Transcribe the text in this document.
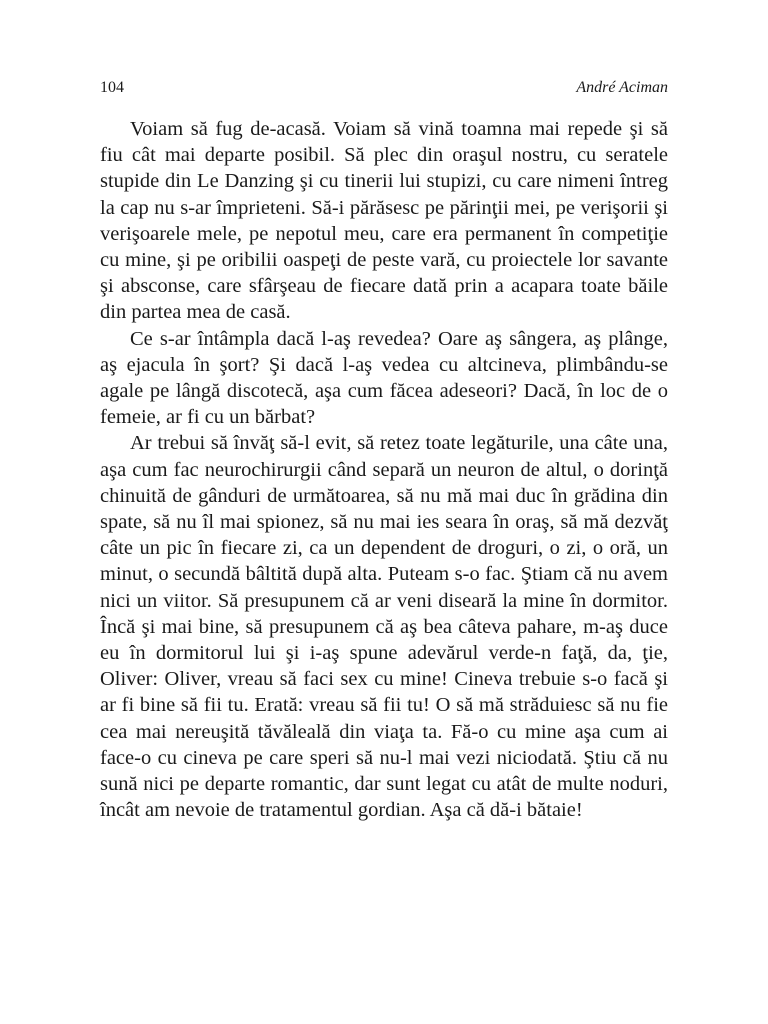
104	André Aciman

Voiam să fug de-acasă. Voiam să vină toamna mai repede şi să fiu cât mai departe posibil. Să plec din oraşul nostru, cu seratele stupide din Le Danzing şi cu tinerii lui stupizi, cu care nimeni întreg la cap nu s-ar împrieteni. Să-i părăsesc pe părinţii mei, pe verişorii şi verişoarele mele, pe nepotul meu, care era permanent în competiţie cu mine, şi pe oribilii oaspeţi de peste vară, cu proiectele lor savante şi absconse, care sfârşeau de fiecare dată prin a acapara toate băile din partea mea de casă.

Ce s-ar întâmpla dacă l-aş revedea? Oare aş sângera, aş plânge, aş ejacula în şort? Şi dacă l-aş vedea cu altcineva, plimbându-se agale pe lângă discotecă, aşa cum făcea adeseori? Dacă, în loc de o femeie, ar fi cu un bărbat?

Ar trebui să învăţ să-l evit, să retez toate legăturile, una câte una, aşa cum fac neurochirurgii când separă un neuron de altul, o dorinţă chinuită de gânduri de următoarea, să nu mă mai duc în grădina din spate, să nu îl mai spionez, să nu mai ies seara în oraş, să mă dezvăţ câte un pic în fiecare zi, ca un dependent de droguri, o zi, o oră, un minut, o secundă bâltită după alta. Puteam s-o fac. Ştiam că nu avem nici un viitor. Să presupunem că ar veni diseară la mine în dormitor. Încă şi mai bine, să presupunem că aş bea câteva pahare, m-aş duce eu în dormitorul lui şi i-aş spune adevărul verde-n faţă, da, ţie, Oliver: Oliver, vreau să faci sex cu mine! Cineva trebuie s-o facă şi ar fi bine să fii tu. Erată: vreau să fii tu! O să mă străduiesc să nu fie cea mai nereuşită tăvăleală din viaţa ta. Fă-o cu mine aşa cum ai face-o cu cineva pe care speri să nu-l mai vezi niciodată. Ştiu că nu sună nici pe departe romantic, dar sunt legat cu atât de multe noduri, încât am nevoie de tratamentul gordian. Aşa că dă-i bătaie!
